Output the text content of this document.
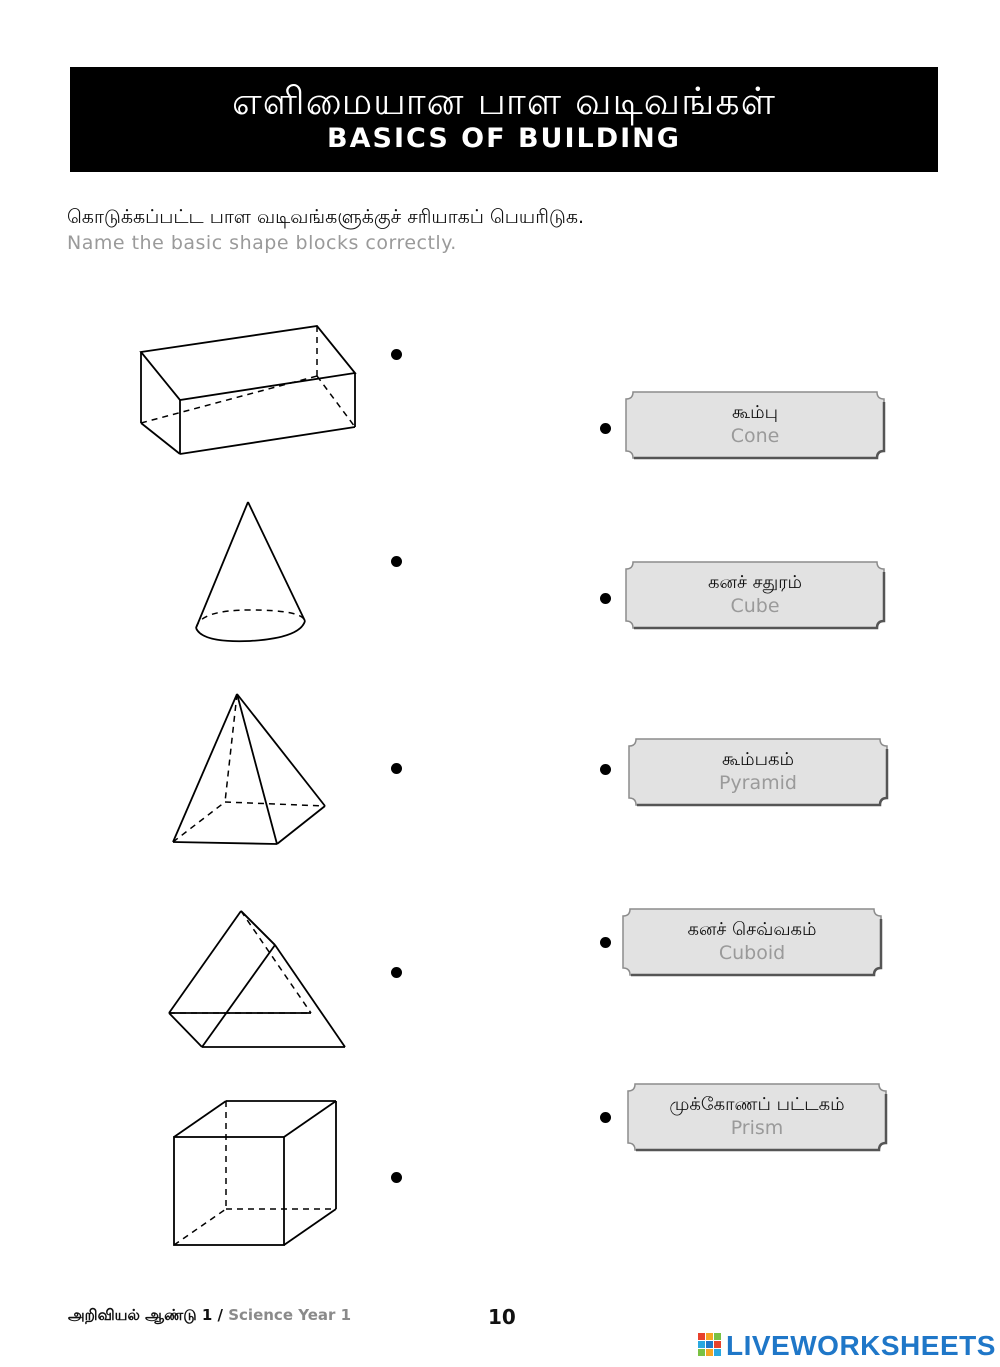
எளிமையான பாள வடிவங்கள்
BASICS OF BUILDING
கொடுக்கப்பட்ட பாள வடிவங்களுக்குச் சரியாகப் பெயரிடுக.
Name the basic shape blocks correctly.
கூம்பு
Cone
கனச் சதுரம்
Cube
கூம்பகம்
Pyramid
கனச் செவ்வகம்
Cuboid
முக்கோணப் பட்டகம்
Prism
அறிவியல் ஆண்டு 1 / Science Year 1	10
LIVEWORKSHEETS
